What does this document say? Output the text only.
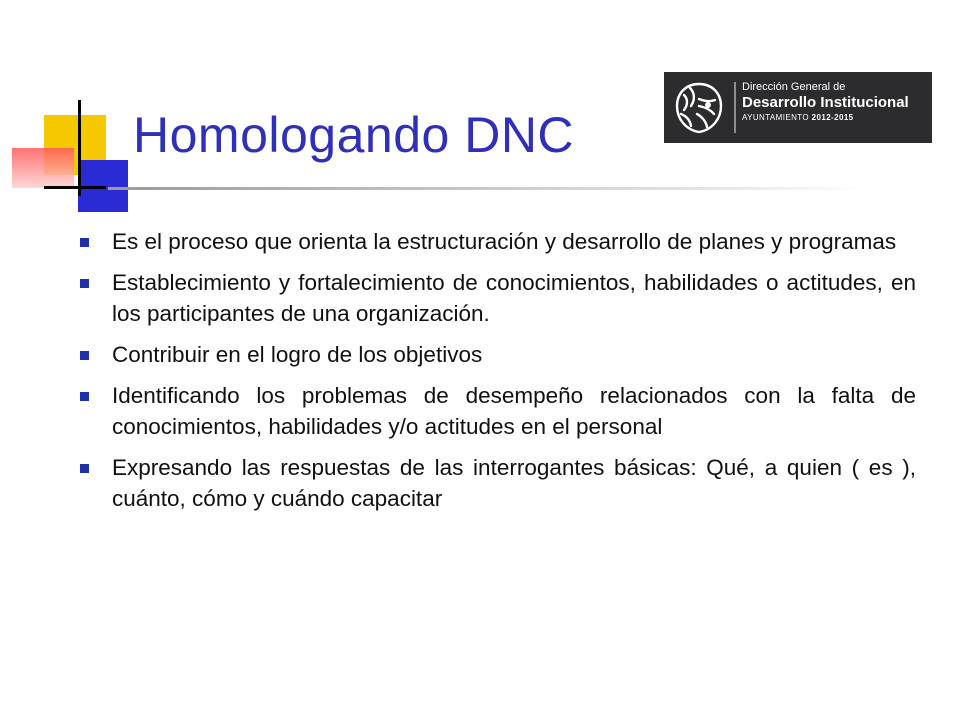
Homologando DNC
Dirección General de
Desarrollo Institucional
AYUNTAMIENTO 2012-2015
Es el proceso que orienta la estructuración y desarrollo de planes y programas
Establecimiento y fortalecimiento de conocimientos, habilidades o actitudes, en los participantes de una organización.
Contribuir en el logro de los objetivos
Identificando los problemas de desempeño relacionados con la falta de conocimientos, habilidades y/o actitudes en el personal
Expresando las respuestas de las interrogantes básicas: Qué, a quien ( es ), cuánto, cómo y cuándo capacitar
